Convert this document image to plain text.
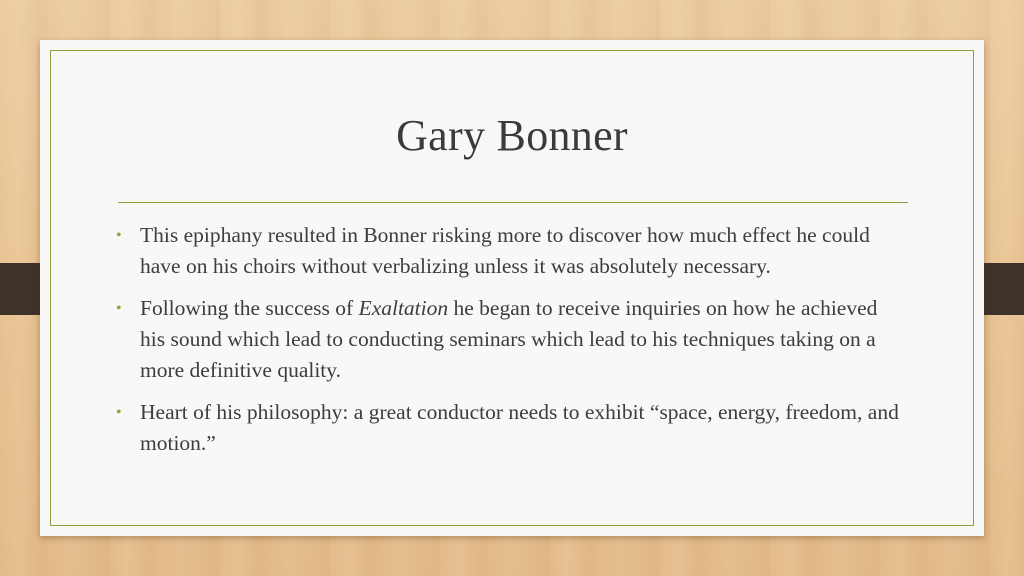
Gary Bonner
• This epiphany resulted in Bonner risking more to discover how much effect he could have on his choirs without verbalizing unless it was absolutely necessary.
• Following the success of Exaltation he began to receive inquiries on how he achieved his sound which lead to conducting seminars which lead to his techniques taking on a more definitive quality.
• Heart of his philosophy: a great conductor needs to exhibit “space, energy, freedom, and motion.”
